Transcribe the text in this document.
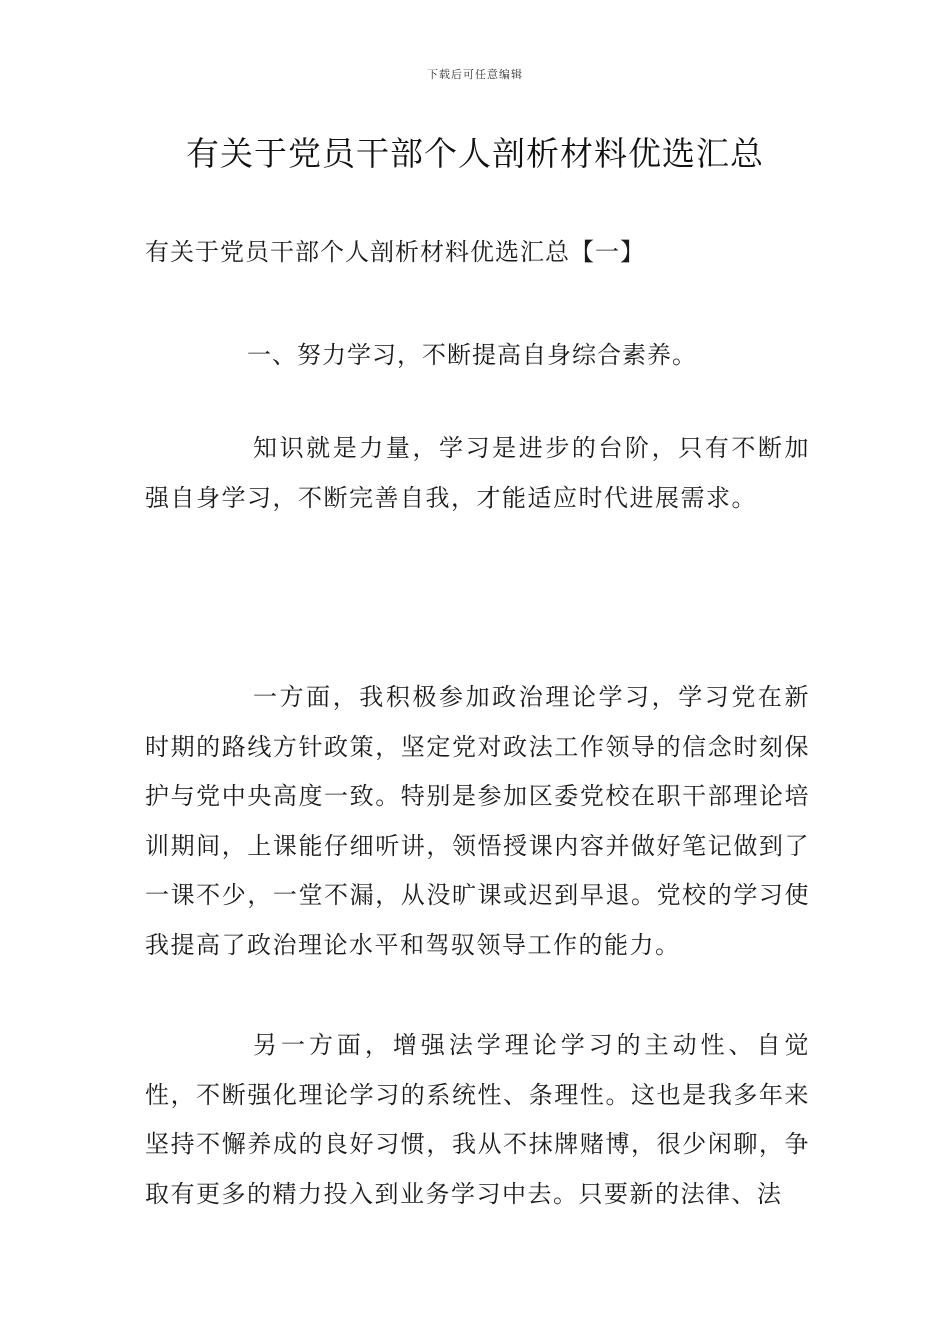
下载后可任意编辑
有关于党员干部个人剖析材料优选汇总
有关于党员干部个人剖析材料优选汇总【一】
一、努力学习，不断提高自身综合素养。

知识就是力量，学习是进步的台阶，只有不断加强自身学习，不断完善自我，才能适应时代进展需求。

一方面，我积极参加政治理论学习，学习党在新时期的路线方针政策，坚定党对政法工作领导的信念时刻保护与党中央高度一致。特别是参加区委党校在职干部理论培训期间，上课能仔细听讲，领悟授课内容并做好笔记做到了一课不少，一堂不漏，从没旷课或迟到早退。党校的学习使我提高了政治理论水平和驾驭领导工作的能力。

另一方面，增强法学理论学习的主动性、自觉性，不断强化理论学习的系统性、条理性。这也是我多年来坚持不懈养成的良好习惯，我从不抹牌赌博，很少闲聊，争取有更多的精力投入到业务学习中去。只要新的法律、法
